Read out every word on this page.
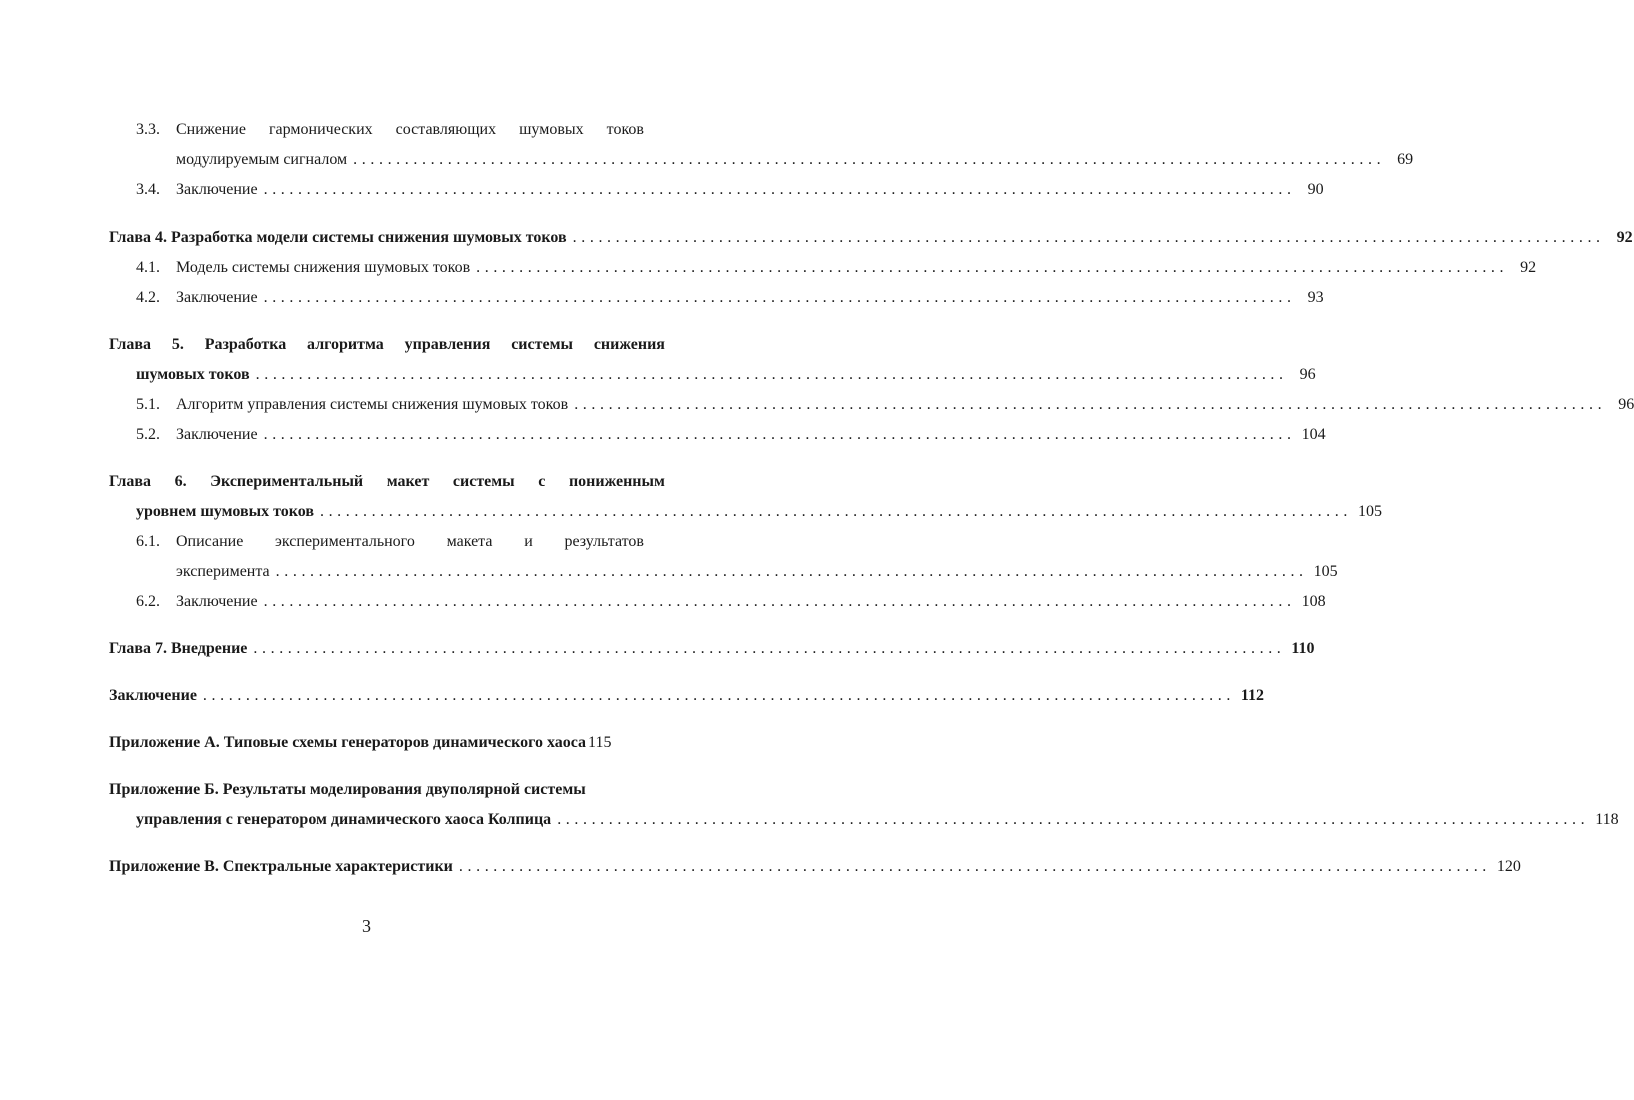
3.3.	Снижение гармонических составляющих шумовых токов
модулируемым сигналом ........................................................................................................................ 69
3.4.	Заключение ........................................................................................................................ 90
Глава 4. Разработка модели системы снижения шумовых токов ........................................................................................................................ 92
4.1.	Модель системы снижения шумовых токов ........................................................................................................................ 92
4.2.	Заключение ........................................................................................................................ 93
Глава 5. Разработка алгоритма управления системы снижения
шумовых токов ........................................................................................................................ 96
5.1.	Алгоритм управления системы снижения шумовых токов ........................................................................................................................ 96
5.2.	Заключение ........................................................................................................................ 104
Глава 6. Экспериментальный макет системы с пониженным
уровнем шумовых токов ........................................................................................................................ 105
6.1.	Описание экспериментального макета и результатов
эксперимента ........................................................................................................................ 105
6.2.	Заключение ........................................................................................................................ 108
Глава 7. Внедрение ........................................................................................................................ 110
Заключение ........................................................................................................................ 112
Приложение А. Типовые схемы генераторов динамического хаоса 115
Приложение Б. Результаты моделирования двуполярной системы
управления с генератором динамического хаоса Колпица ........................................................................................................................ 118
Приложение В. Спектральные характеристики ........................................................................................................................ 120
3
